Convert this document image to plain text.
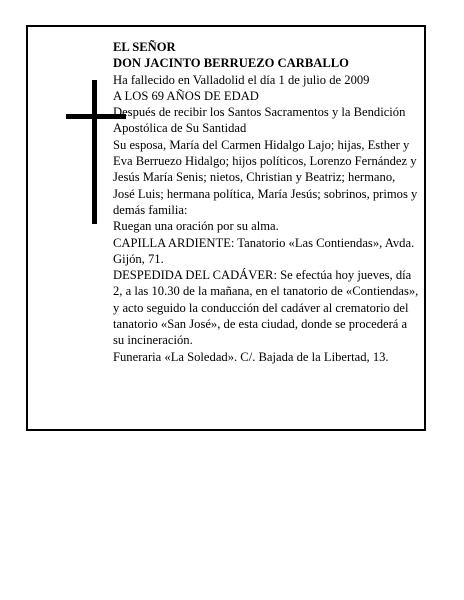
EL SEÑOR

DON JACINTO BERRUEZO CARBALLO

Ha fallecido en Valladolid el día 1 de julio de 2009

A LOS 69 AÑOS DE EDAD

Después de recibir los Santos Sacramentos y la Bendición Apostólica de Su Santidad

Su esposa, María del Carmen Hidalgo Lajo; hijas, Esther y Eva Berruezo Hidalgo; hijos políticos, Lorenzo Fernández y Jesús María Senis; nietos, Christian y Beatriz; hermano, José Luis; hermana política, María Jesús; sobrinos, primos y demás familia:

Ruegan una oración por su alma.

CAPILLA ARDIENTE: Tanatorio «Las Contiendas», Avda. Gijón, 71.

DESPEDIDA DEL CADÁVER: Se efectúa hoy jueves, día 2, a las 10.30 de la mañana, en el tanatorio de «Contiendas», y acto seguido la conducción del cadáver al crematorio del tanatorio «San José», de esta ciudad, donde se procederá a su incineración.

Funeraria «La Soledad». C/. Bajada de la Libertad, 13.
